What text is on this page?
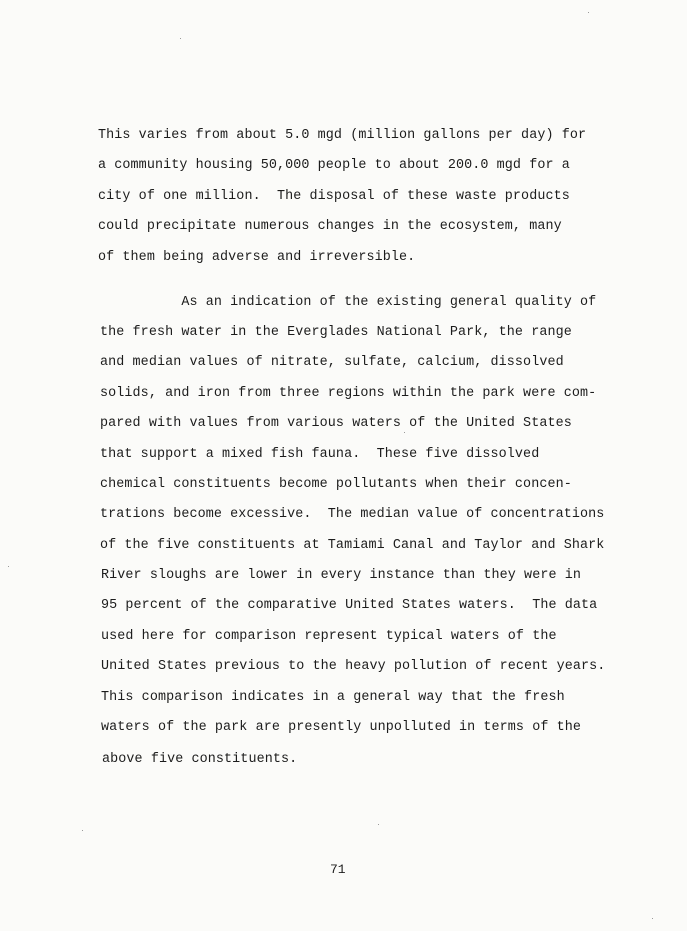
This varies from about 5.0 mgd (million gallons per day) for
a community housing 50,000 people to about 200.0 mgd for a
city of one million.  The disposal of these waste products
could precipitate numerous changes in the ecosystem, many
of them being adverse and irreversible.
As an indication of the existing general quality of
the fresh water in the Everglades National Park, the range
and median values of nitrate, sulfate, calcium, dissolved
solids, and iron from three regions within the park were com-
pared with values from various waters of the United States
that support a mixed fish fauna.  These five dissolved
chemical constituents become pollutants when their concen-
trations become excessive.  The median value of concentrations
of the five constituents at Tamiami Canal and Taylor and Shark
River sloughs are lower in every instance than they were in
95 percent of the comparative United States waters.  The data
used here for comparison represent typical waters of the
United States previous to the heavy pollution of recent years.
This comparison indicates in a general way that the fresh
waters of the park are presently unpolluted in terms of the
above five constituents.
71
